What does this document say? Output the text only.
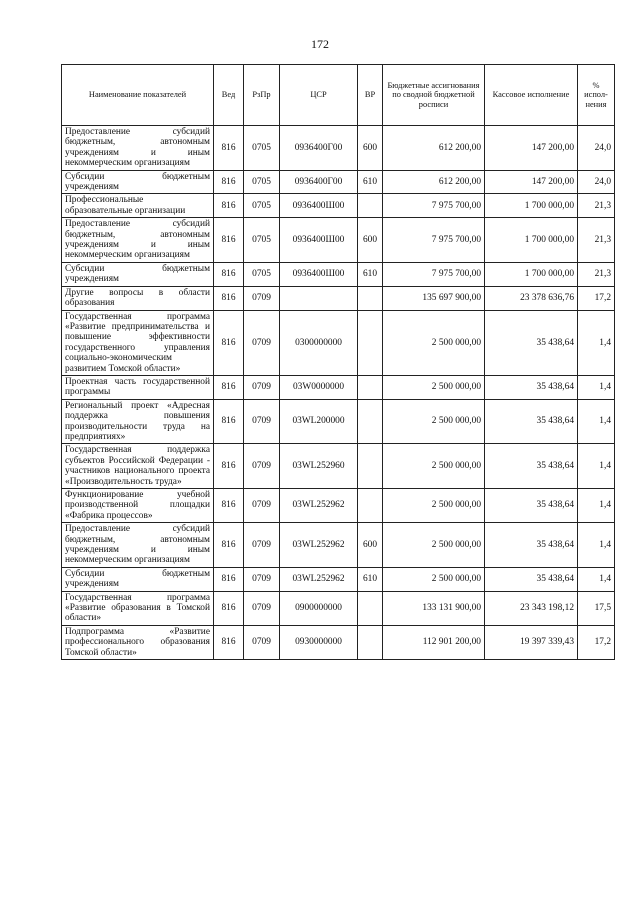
172
Наименование показателей	Вед	РзПр	ЦСР	ВР	Бюджетные ассигнования по сводной бюджетной росписи	Кассовое исполнение	% испол-нения
Предоставление субсидий бюджетным, автономным учреждениям и иным некоммерческим организациям	816	0705	0936400Г00	600	612 200,00	147 200,00	24,0
Субсидии бюджетным учреждениям	816	0705	0936400Г00	610	612 200,00	147 200,00	24,0
Профессиональные образовательные организации	816	0705	0936400Ш00		7 975 700,00	1 700 000,00	21,3
Предоставление субсидий бюджетным, автономным учреждениям и иным некоммерческим организациям	816	0705	0936400Ш00	600	7 975 700,00	1 700 000,00	21,3
Субсидии бюджетным учреждениям	816	0705	0936400Ш00	610	7 975 700,00	1 700 000,00	21,3
Другие вопросы в области образования	816	0709			135 697 900,00	23 378 636,76	17,2
Государственная программа «Развитие предпринимательства и повышение эффективности государственного управления социально-экономическим развитием Томской области»	816	0709	0300000000		2 500 000,00	35 438,64	1,4
Проектная часть государственной программы	816	0709	03W0000000		2 500 000,00	35 438,64	1,4
Региональный проект «Адресная поддержка повышения производительности труда на предприятиях»	816	0709	03WL200000		2 500 000,00	35 438,64	1,4
Государственная поддержка субъектов Российской Федерации - участников национального проекта «Производительность труда»	816	0709	03WL252960		2 500 000,00	35 438,64	1,4
Функционирование учебной производственной площадки «Фабрика процессов»	816	0709	03WL252962		2 500 000,00	35 438,64	1,4
Предоставление субсидий бюджетным, автономным учреждениям и иным некоммерческим организациям	816	0709	03WL252962	600	2 500 000,00	35 438,64	1,4
Субсидии бюджетным учреждениям	816	0709	03WL252962	610	2 500 000,00	35 438,64	1,4
Государственная программа «Развитие образования в Томской области»	816	0709	0900000000		133 131 900,00	23 343 198,12	17,5
Подпрограмма «Развитие профессионального образования Томской области»	816	0709	0930000000		112 901 200,00	19 397 339,43	17,2
